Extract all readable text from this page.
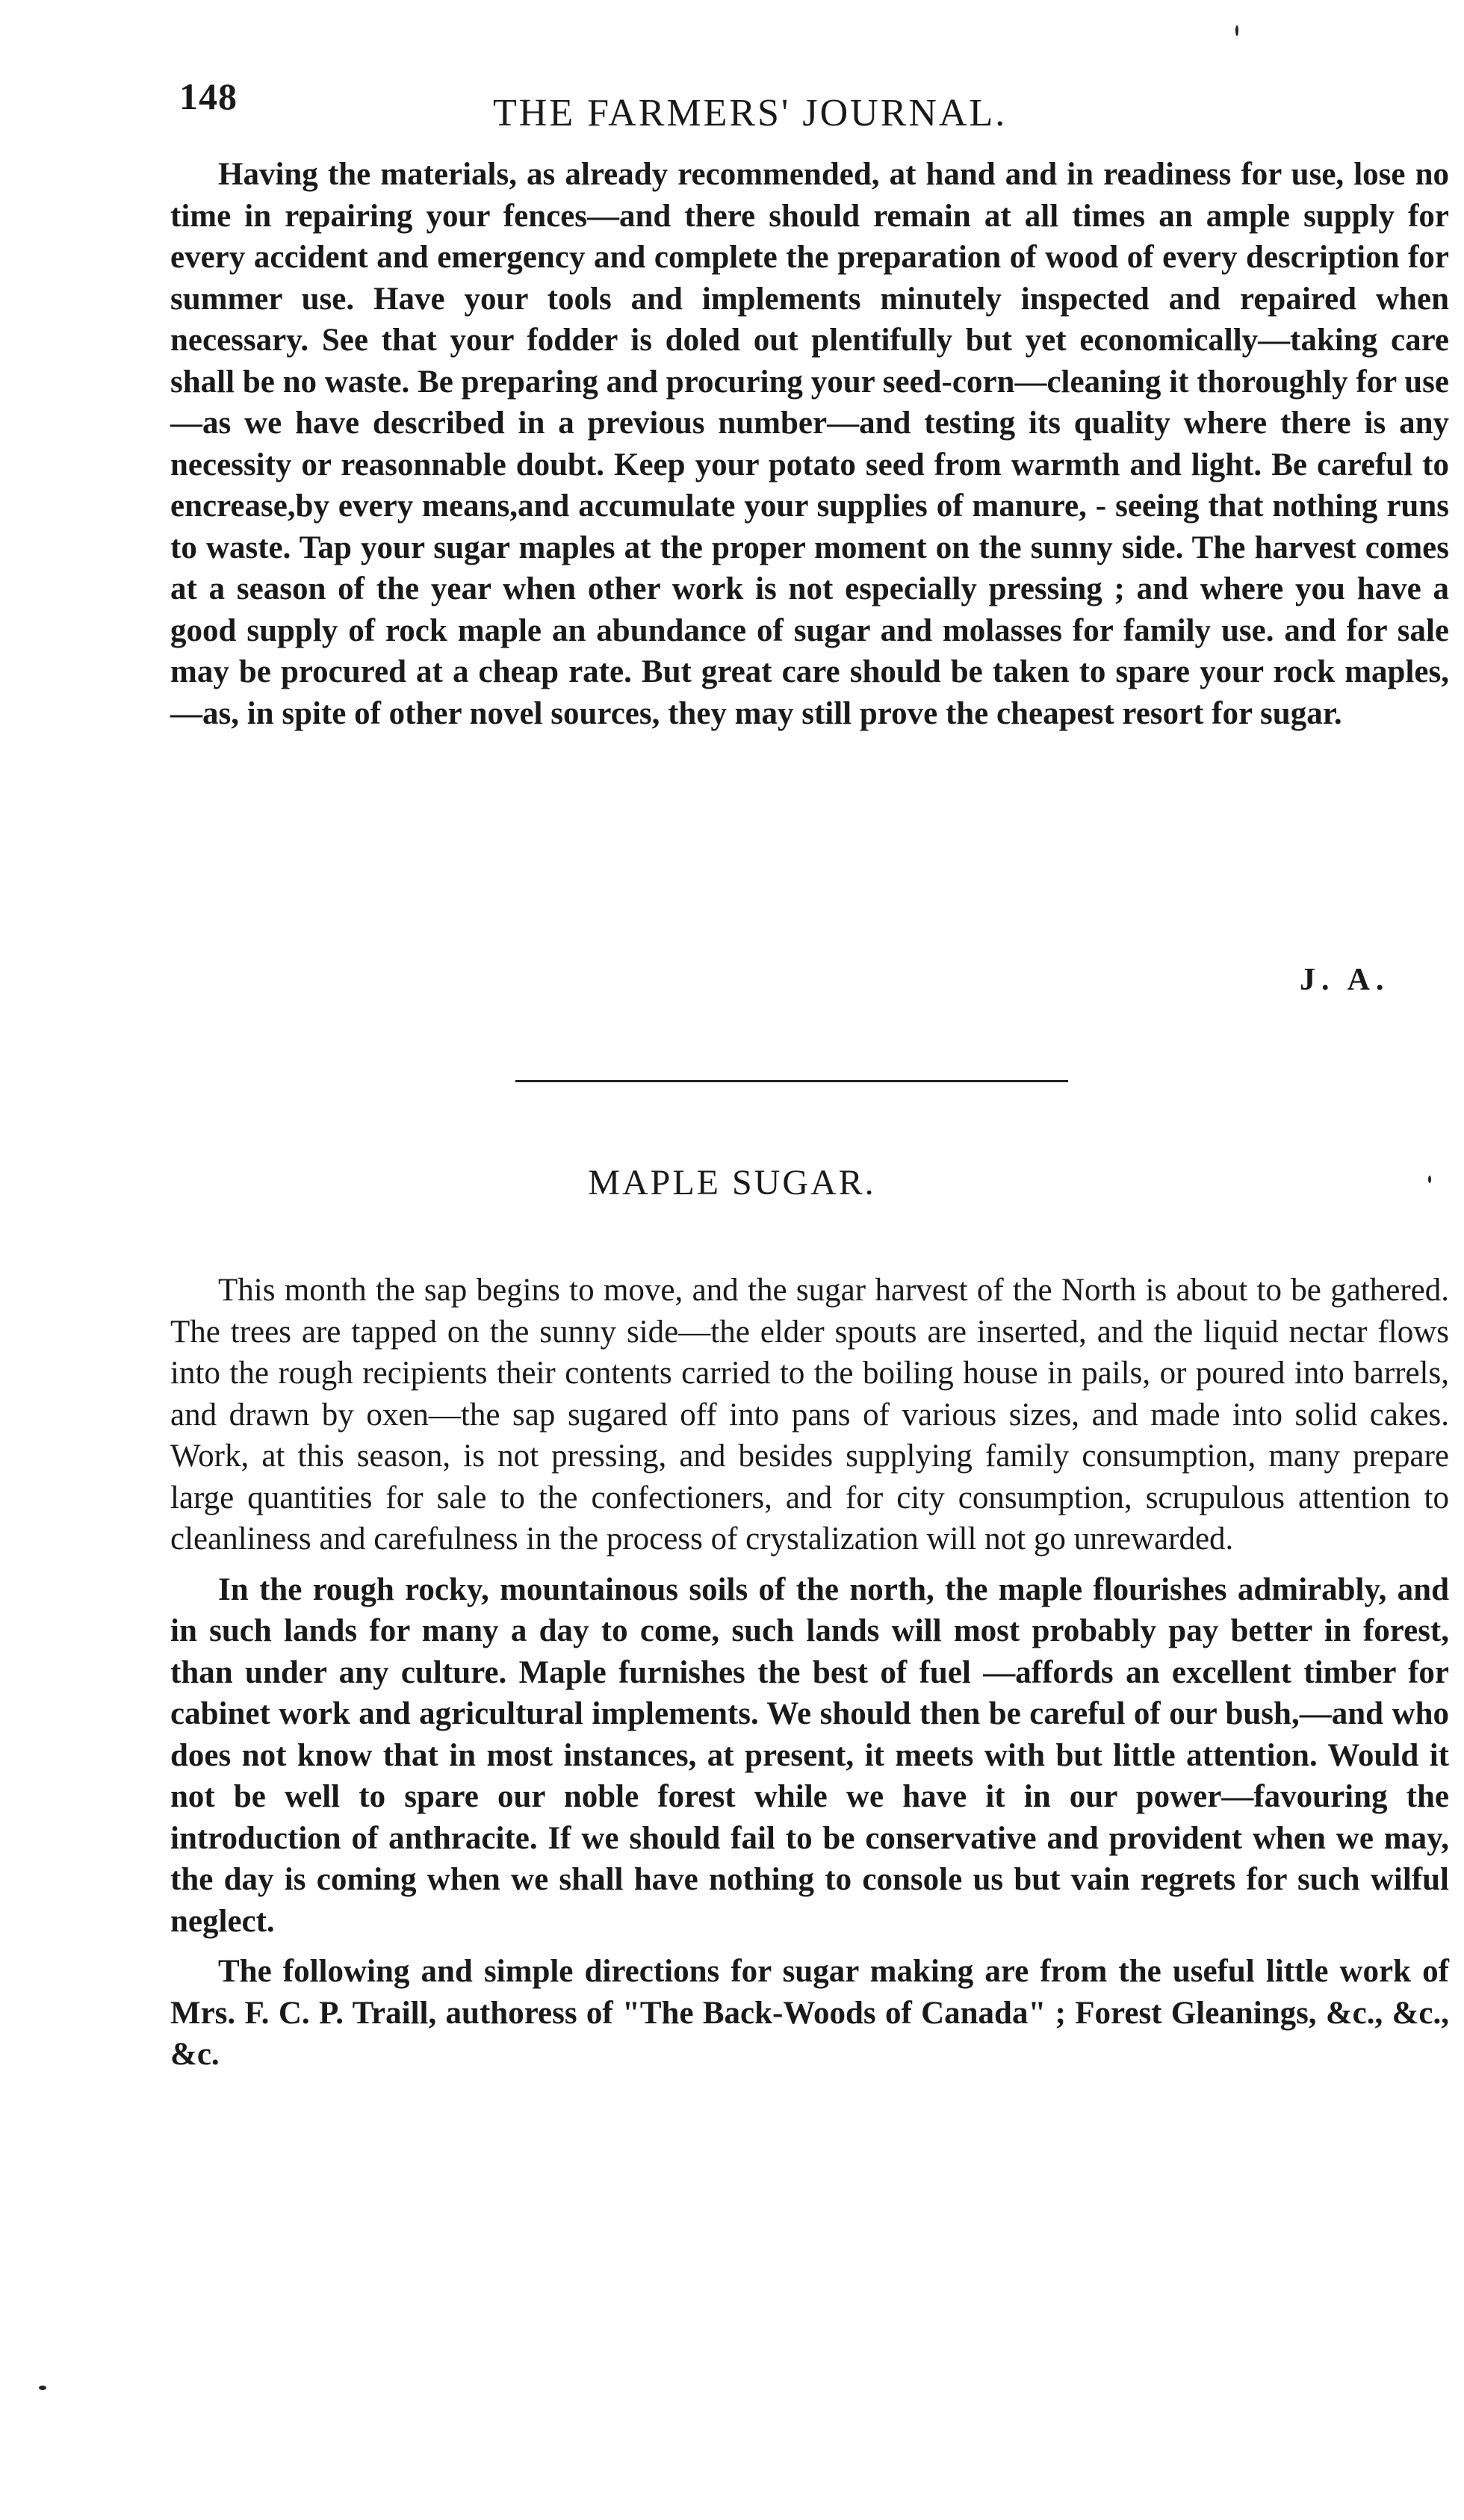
148	THE FARMERS' JOURNAL.

Having the materials, as already recommended, at hand and in readiness for use, lose no time in repairing your fences—and there should remain at all times an ample supply for every accident and emergency and complete the preparation of wood of every description for summer use. Have your tools and implements minutely inspected and repaired when necessary. See that your fodder is doled out plentifully but yet economically—taking care shall be no waste. Be preparing and procuring your seed-corn—cleaning it thoroughly for use—as we have described in a previous number—and testing its quality where there is any necessity or reasonnable doubt. Keep your potato seed from warmth and light. Be careful to encrease,by every means,and accumulate your supplies of manure, - seeing that nothing runs to waste. Tap your sugar maples at the proper moment on the sunny side. The harvest comes at a season of the year when other work is not especially pressing ; and where you have a good supply of rock maple an abundance of sugar and molasses for family use. and for sale may be procured at a cheap rate. But great care should be taken to spare your rock maples,—as, in spite of other novel sources, they may still prove the cheapest resort for sugar.

J. A.
MAPLE SUGAR.

This month the sap begins to move, and the sugar harvest of the North is about to be gathered. The trees are tapped on the sunny side—the elder spouts are inserted, and the liquid nectar flows into the rough recipients their contents carried to the boiling house in pails, or poured into barrels, and drawn by oxen—the sap sugared off into pans of various sizes, and made into solid cakes. Work, at this season, is not pressing, and besides supplying family consumption, many prepare large quantities for sale to the confectioners, and for city consumption, scrupulous attention to cleanliness and carefulness in the process of crystalization will not go unrewarded.

In the rough rocky, mountainous soils of the north, the maple flourishes admirably, and in such lands for many a day to come, such lands will most probably pay better in forest, than under any culture. Maple furnishes the best of fuel —affords an excellent timber for cabinet work and agricultural implements. We should then be careful of our bush,—and who does not know that in most instances, at present, it meets with but little attention. Would it not be well to spare our noble forest while we have it in our power—favouring the introduction of anthracite. If we should fail to be conservative and provident when we may, the day is coming when we shall have nothing to console us but vain regrets for such wilful neglect.

The following and simple directions for sugar making are from the useful little work of Mrs. F. C. P. Traill, authoress of "The Back-Woods of Canada" ; Forest Gleanings, &c., &c., &c.
